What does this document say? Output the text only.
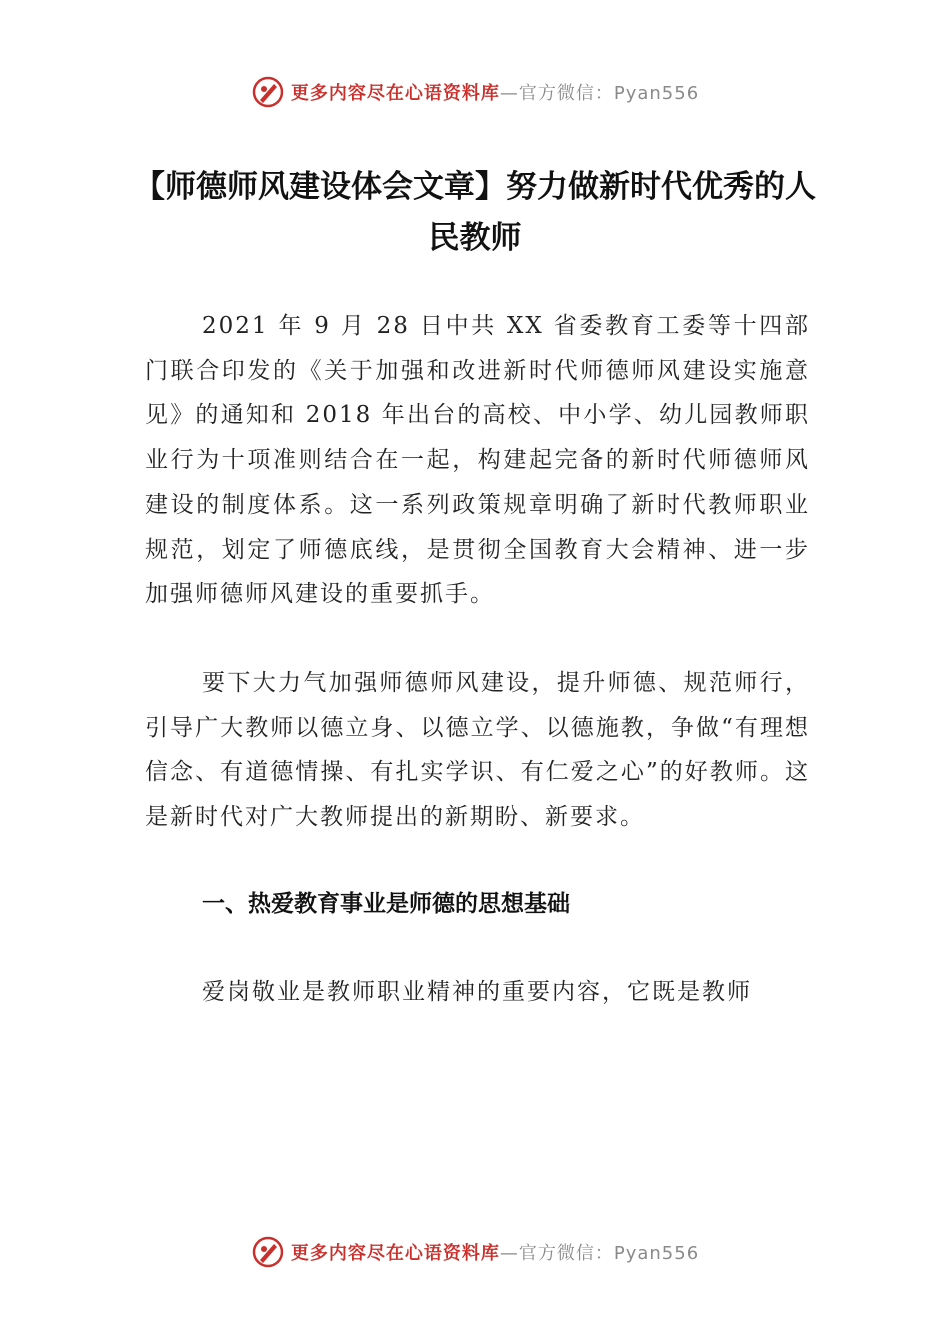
更多内容尽在心语资料库 —官方微信：Pyan556
【师德师风建设体会文章】努力做新时代优秀的人民教师

2021 年 9 月 28 日中共 XX 省委教育工委等十四部门联合印发的《关于加强和改进新时代师德师风建设实施意见》的通知和 2018 年出台的高校、中小学、幼儿园教师职业行为十项准则结合在一起，构建起完备的新时代师德师风建设的制度体系。这一系列政策规章明确了新时代教师职业规范，划定了师德底线，是贯彻全国教育大会精神、进一步加强师德师风建设的重要抓手。

要下大力气加强师德师风建设，提升师德、规范师行，引导广大教师以德立身、以德立学、以德施教，争做“有理想信念、有道德情操、有扎实学识、有仁爱之心”的好教师。这是新时代对广大教师提出的新期盼、新要求。

一、热爱教育事业是师德的思想基础

爱岗敬业是教师职业精神的重要内容，它既是教师

更多内容尽在心语资料库 —官方微信：Pyan556
